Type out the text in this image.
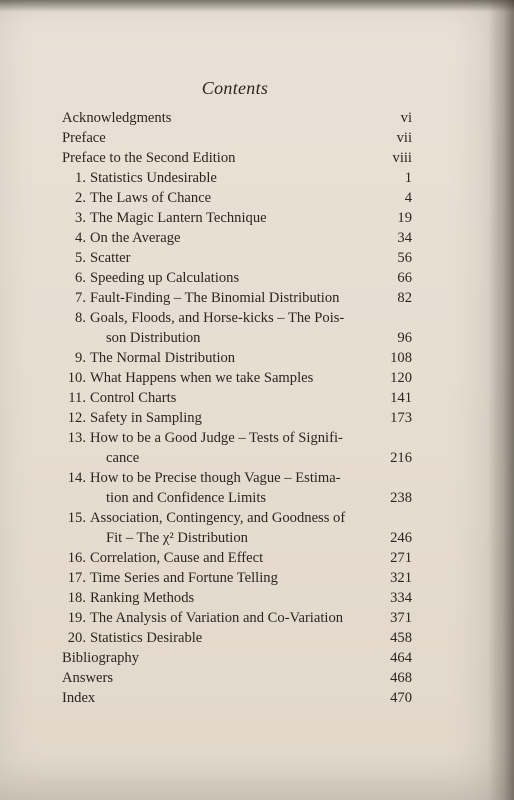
Contents
Acknowledgments	vi
Preface	vii
Preface to the Second Edition	viii
1. Statistics Undesirable	1
2. The Laws of Chance	4
3. The Magic Lantern Technique	19
4. On the Average	34
5. Scatter	56
6. Speeding up Calculations	66
7. Fault-Finding – The Binomial Distribution	82
8. Goals, Floods, and Horse-kicks – The Pois-
son Distribution	96
9. The Normal Distribution	108
10. What Happens when we take Samples	120
11. Control Charts	141
12. Safety in Sampling	173
13. How to be a Good Judge – Tests of Signifi-
cance	216
14. How to be Precise though Vague – Estima-
tion and Confidence Limits	238
15. Association, Contingency, and Goodness of
Fit – The χ² Distribution	246
16. Correlation, Cause and Effect	271
17. Time Series and Fortune Telling	321
18. Ranking Methods	334
19. The Analysis of Variation and Co-Variation	371
20. Statistics Desirable	458
Bibliography	464
Answers	468
Index	470
